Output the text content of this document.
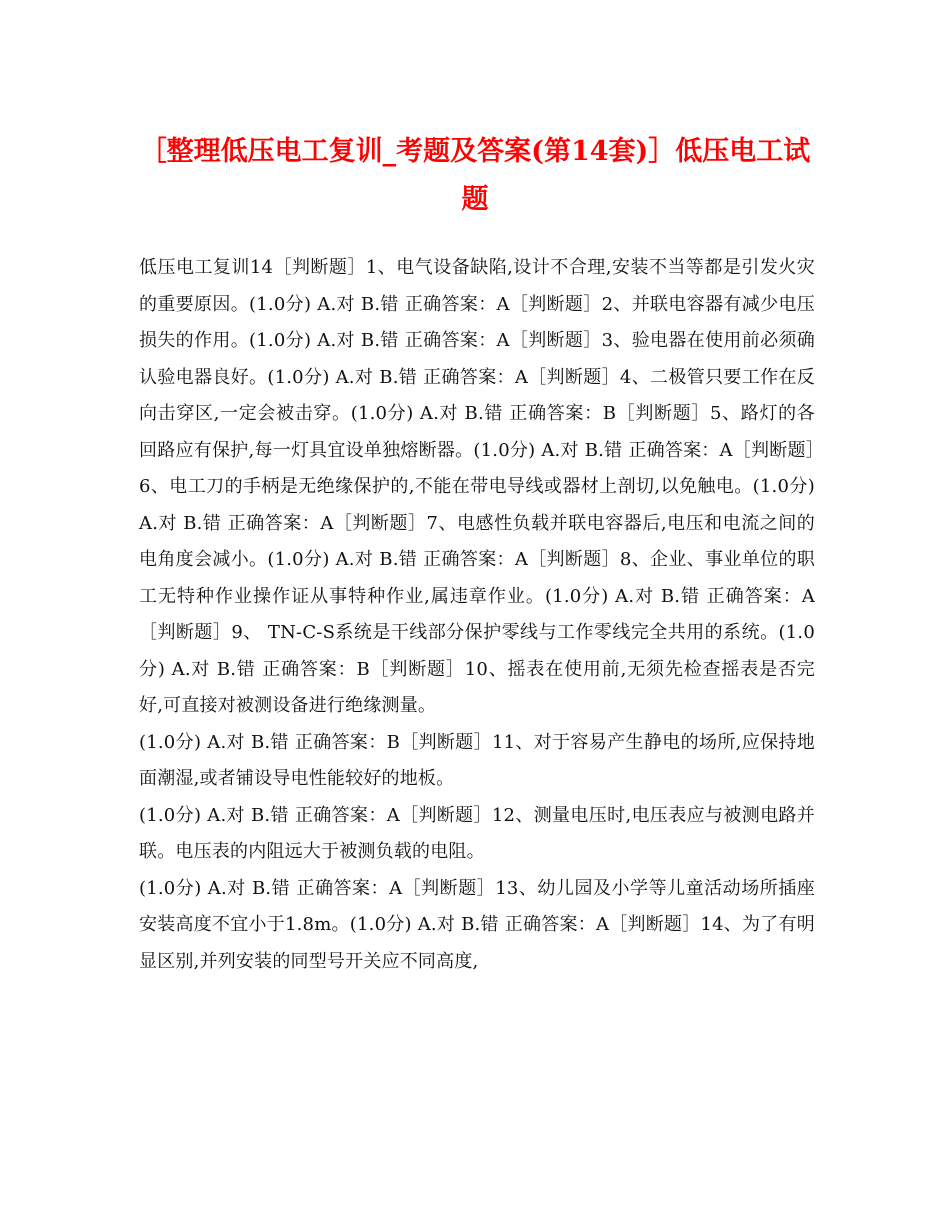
［整理低压电工复训_考题及答案(第14套)］低压电工试题

低压电工复训14［判断题］1、电气设备缺陷,设计不合理,安装不当等都是引发火灾的重要原因。(1.0分) A.对 B.错 正确答案：A［判断题］2、并联电容器有减少电压损失的作用。(1.0分) A.对 B.错 正确答案：A［判断题］3、验电器在使用前必须确认验电器良好。(1.0分) A.对 B.错 正确答案：A［判断题］4、二极管只要工作在反向击穿区,一定会被击穿。(1.0分) A.对 B.错 正确答案：B［判断题］5、路灯的各回路应有保护,每一灯具宜设单独熔断器。(1.0分) A.对 B.错 正确答案：A［判断题］6、电工刀的手柄是无绝缘保护的,不能在带电导线或器材上剖切,以免触电。(1.0分) A.对 B.错 正确答案：A［判断题］7、电感性负载并联电容器后,电压和电流之间的电角度会减小。(1.0分) A.对 B.错 正确答案：A［判断题］8、企业、事业单位的职工无特种作业操作证从事特种作业,属违章作业。(1.0分) A.对 B.错 正确答案：A［判断题］9、 TN-C-S系统是干线部分保护零线与工作零线完全共用的系统。(1.0分) A.对 B.错 正确答案：B［判断题］10、摇表在使用前,无须先检查摇表是否完好,可直接对被测设备进行绝缘测量。

(1.0分) A.对 B.错 正确答案：B［判断题］11、对于容易产生静电的场所,应保持地面潮湿,或者铺设导电性能较好的地板。

(1.0分) A.对 B.错 正确答案：A［判断题］12、测量电压时,电压表应与被测电路并联。电压表的内阻远大于被测负载的电阻。

(1.0分) A.对 B.错 正确答案：A［判断题］13、幼儿园及小学等儿童活动场所插座安装高度不宜小于1.8m。(1.0分) A.对 B.错 正确答案：A［判断题］14、为了有明显区别,并列安装的同型号开关应不同高度,
